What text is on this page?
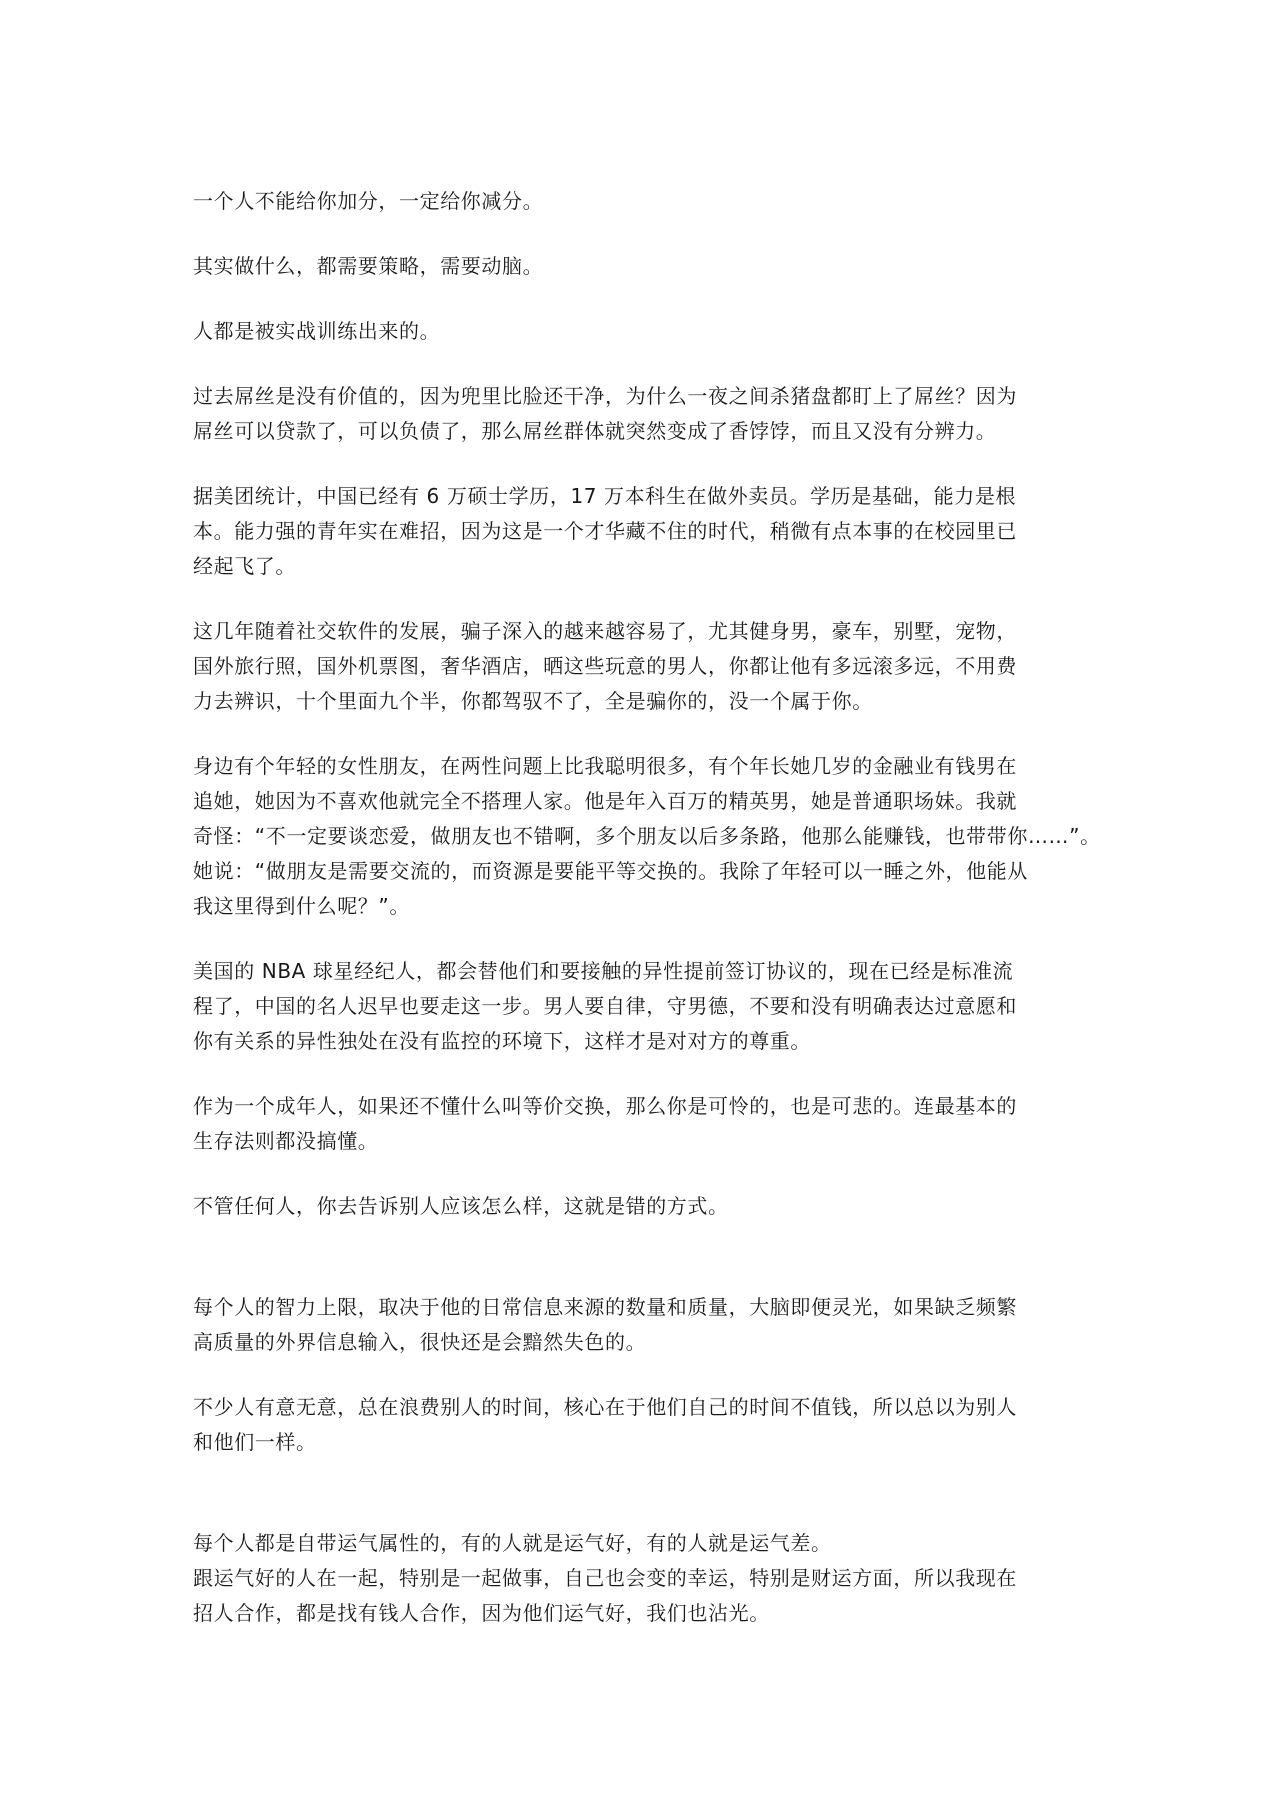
一个人不能给你加分，一定给你减分。

其实做什么，都需要策略，需要动脑。

人都是被实战训练出来的。

过去屌丝是没有价值的，因为兜里比脸还干净，为什么一夜之间杀猪盘都盯上了屌丝？因为
屌丝可以贷款了，可以负债了，那么屌丝群体就突然变成了香饽饽，而且又没有分辨力。

据美团统计，中国已经有 6 万硕士学历，17 万本科生在做外卖员。学历是基础，能力是根
本。能力强的青年实在难招，因为这是一个才华藏不住的时代，稍微有点本事的在校园里已
经起飞了。

这几年随着社交软件的发展，骗子深入的越来越容易了，尤其健身男，豪车，别墅，宠物，
国外旅行照，国外机票图，奢华酒店，晒这些玩意的男人，你都让他有多远滚多远，不用费
力去辨识，十个里面九个半，你都驾驭不了，全是骗你的，没一个属于你。

身边有个年轻的女性朋友，在两性问题上比我聪明很多，有个年长她几岁的金融业有钱男在
追她，她因为不喜欢他就完全不搭理人家。他是年入百万的精英男，她是普通职场妹。我就
奇怪：“不一定要谈恋爱，做朋友也不错啊，多个朋友以后多条路，他那么能赚钱，也带带你……”。
她说：“做朋友是需要交流的，而资源是要能平等交换的。我除了年轻可以一睡之外，他能从
我这里得到什么呢？”。

美国的 NBA 球星经纪人，都会替他们和要接触的异性提前签订协议的，现在已经是标准流
程了，中国的名人迟早也要走这一步。男人要自律，守男德，不要和没有明确表达过意愿和
你有关系的异性独处在没有监控的环境下，这样才是对对方的尊重。

作为一个成年人，如果还不懂什么叫等价交换，那么你是可怜的，也是可悲的。连最基本的
生存法则都没搞懂。

不管任何人，你去告诉别人应该怎么样，这就是错的方式。

每个人的智力上限，取决于他的日常信息来源的数量和质量，大脑即便灵光，如果缺乏频繁
高质量的外界信息输入，很快还是会黯然失色的。

不少人有意无意，总在浪费别人的时间，核心在于他们自己的时间不值钱，所以总以为别人
和他们一样。

每个人都是自带运气属性的，有的人就是运气好，有的人就是运气差。
跟运气好的人在一起，特别是一起做事，自己也会变的幸运，特别是财运方面，所以我现在
招人合作，都是找有钱人合作，因为他们运气好，我们也沾光。
